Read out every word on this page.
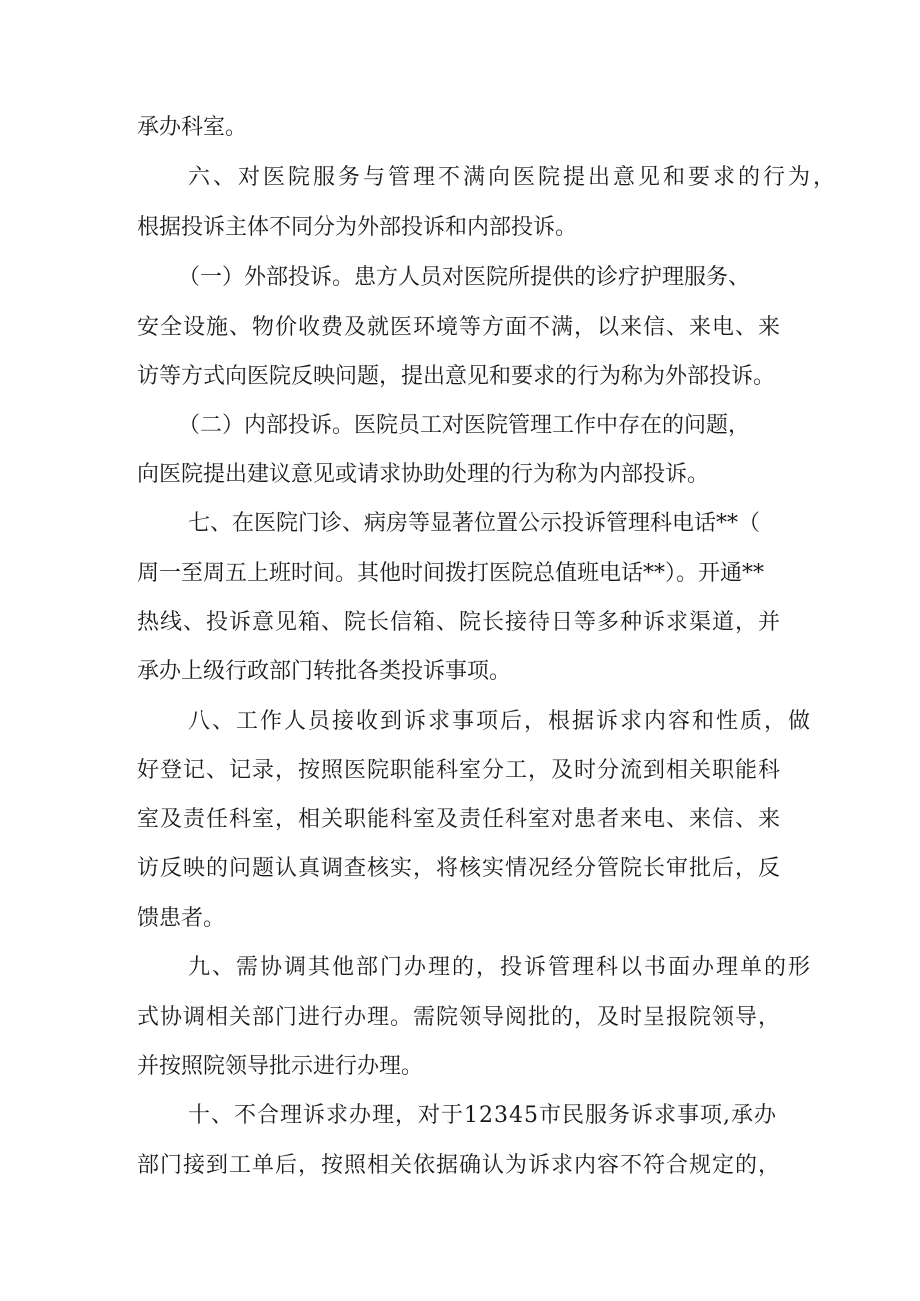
承办科室。
六、对医院服务与管理不满向医院提出意见和要求的行为，
根据投诉主体不同分为外部投诉和内部投诉。
（一）外部投诉。患方人员对医院所提供的诊疗护理服务、
安全设施、物价收费及就医环境等方面不满，以来信、来电、来
访等方式向医院反映问题，提出意见和要求的行为称为外部投诉。
（二）内部投诉。医院员工对医院管理工作中存在的问题，
向医院提出建议意见或请求协助处理的行为称为内部投诉。
七、在医院门诊、病房等显著位置公示投诉管理科电话**（
周一至周五上班时间。其他时间拨打医院总值班电话**）。开通**
热线、投诉意见箱、院长信箱、院长接待日等多种诉求渠道，并
承办上级行政部门转批各类投诉事项。
八、工作人员接收到诉求事项后，根据诉求内容和性质，做
好登记、记录，按照医院职能科室分工，及时分流到相关职能科
室及责任科室，相关职能科室及责任科室对患者来电、来信、来
访反映的问题认真调查核实，将核实情况经分管院长审批后，反
馈患者。
九、需协调其他部门办理的，投诉管理科以书面办理单的形
式协调相关部门进行办理。需院领导阅批的，及时呈报院领导，
并按照院领导批示进行办理。
十、不合理诉求办理，对于12345市民服务诉求事项,承办
部门接到工单后，按照相关依据确认为诉求内容不符合规定的，
